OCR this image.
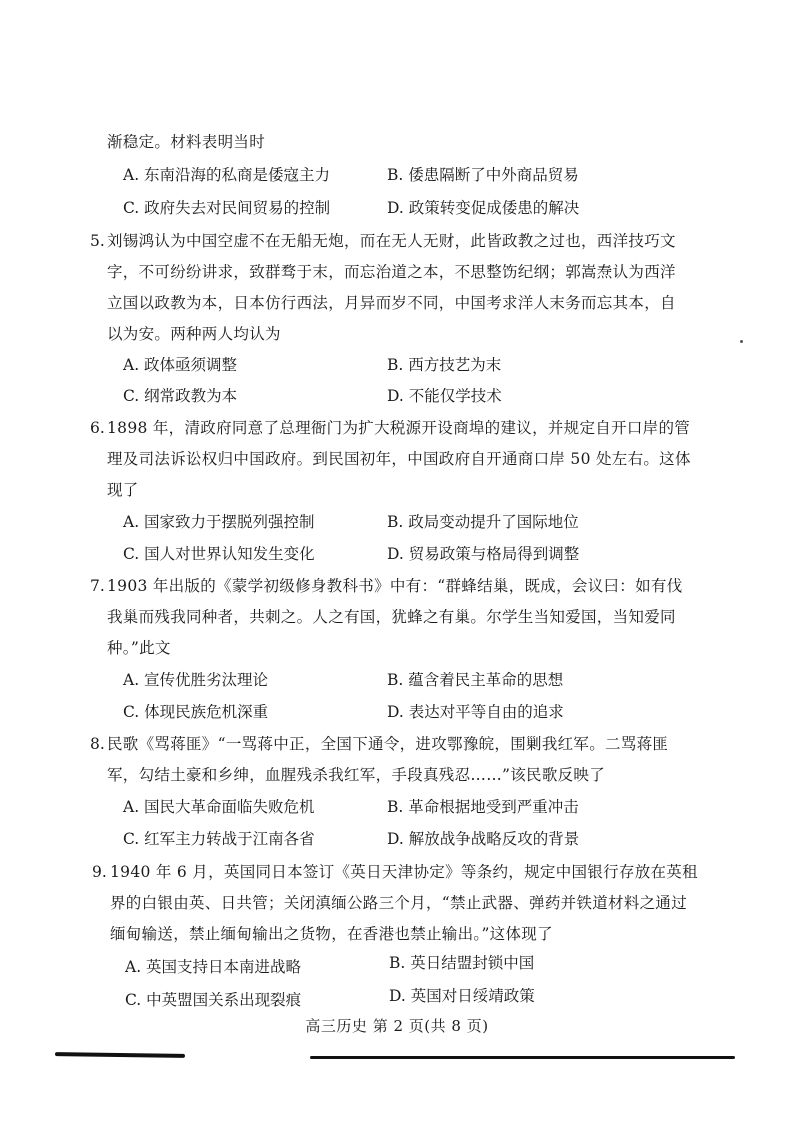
渐稳定。材料表明当时
A. 东南沿海的私商是倭寇主力	B. 倭患隔断了中外商品贸易
C. 政府失去对民间贸易的控制	D. 政策转变促成倭患的解决
5. 刘锡鸿认为中国空虚不在无船无炮，而在无人无财，此皆政教之过也，西洋技巧文
字，不可纷纷讲求，致群骛于末，而忘治道之本，不思整饬纪纲；郭嵩焘认为西洋
立国以政教为本，日本仿行西法，月异而岁不同，中国考求洋人末务而忘其本，自
以为安。两种两人均认为
A. 政体亟须调整	B. 西方技艺为末
C. 纲常政教为本	D. 不能仅学技术
6. 1898 年，清政府同意了总理衙门为扩大税源开设商埠的建议，并规定自开口岸的管
理及司法诉讼权归中国政府。到民国初年，中国政府自开通商口岸 50 处左右。这体
现了
A. 国家致力于摆脱列强控制	B. 政局变动提升了国际地位
C. 国人对世界认知发生变化	D. 贸易政策与格局得到调整
7. 1903 年出版的《蒙学初级修身教科书》中有：“群蜂结巢，既成，会议曰：如有伐
我巢而残我同种者，共刺之。人之有国，犹蜂之有巢。尔学生当知爱国，当知爱同
种。”此文
A. 宣传优胜劣汰理论	B. 蕴含着民主革命的思想
C. 体现民族危机深重	D. 表达对平等自由的追求
8. 民歌《骂蒋匪》“一骂蒋中正，全国下通令，进攻鄂豫皖，围剿我红军。二骂蒋匪
军，勾结土豪和乡绅，血腥残杀我红军，手段真残忍……”该民歌反映了
A. 国民大革命面临失败危机	B. 革命根据地受到严重冲击
C. 红军主力转战于江南各省	D. 解放战争战略反攻的背景
9. 1940 年 6 月，英国同日本签订《英日天津协定》等条约，规定中国银行存放在英租
界的白银由英、日共管；关闭滇缅公路三个月，“禁止武器、弹药并铁道材料之通过
缅甸输送，禁止缅甸输出之货物，在香港也禁止输出。”这体现了
A. 英国支持日本南进战略	B. 英日结盟封锁中国
C. 中英盟国关系出现裂痕	D. 英国对日绥靖政策
高三历史 第 2 页(共 8 页)
